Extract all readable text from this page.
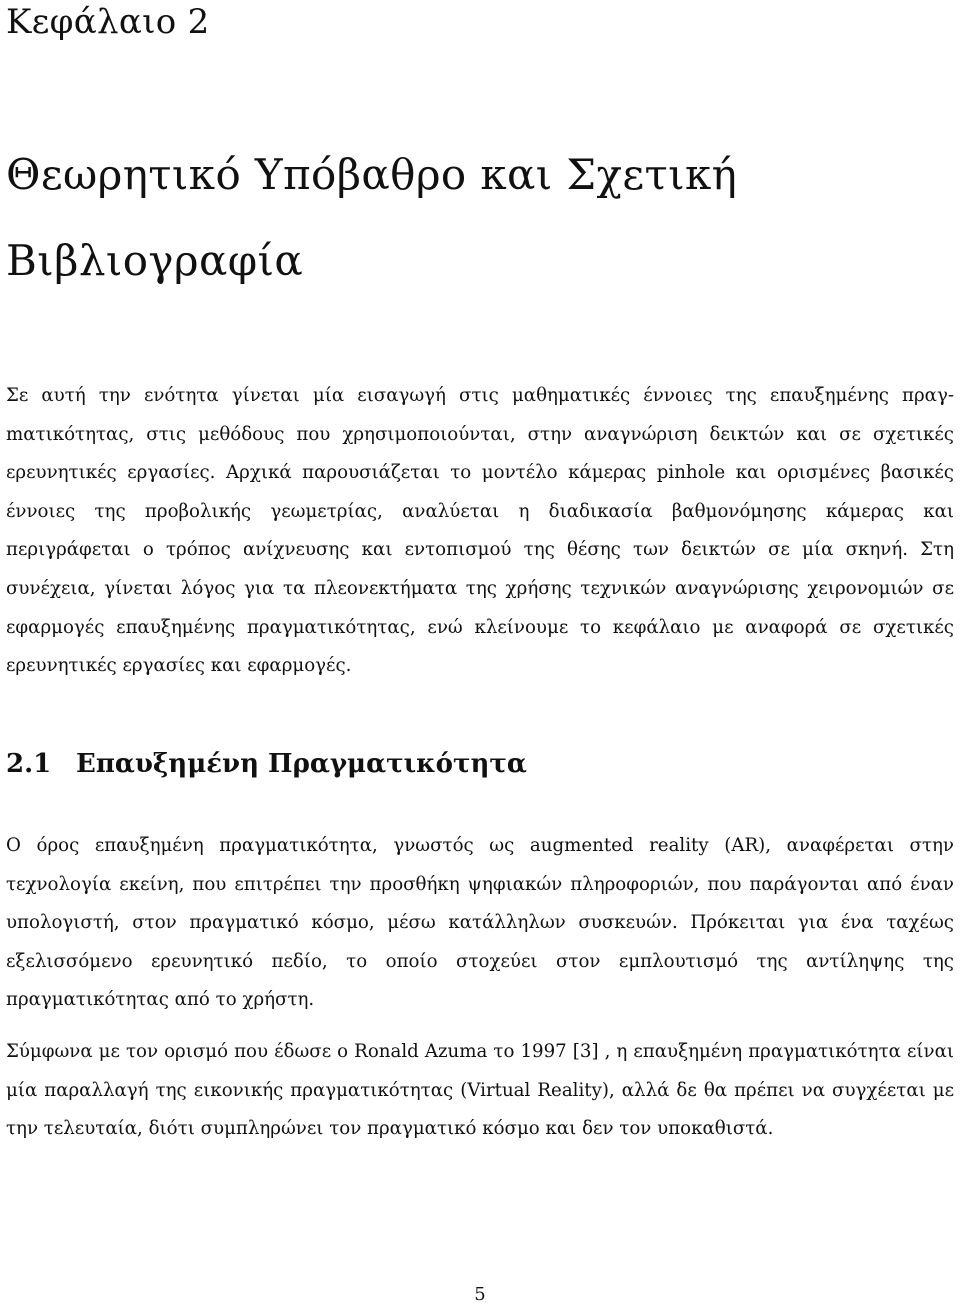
Κεφάλαιο 2
Θεωρητικό Υπόβαθρο και Σχετική Βιβλιογραφία

Σε αυτή την ενότητα γίνεται μία εισαγωγή στις μαθηματικές έννοιες της επαυξημένης πραγmατικότητας, στις μεθόδους που χρησιμοποιούνται, στην αναγνώριση δεικτών και σε σχετικές ερευνητικές εργασίες. Αρχικά παρουσιάζεται το μοντέλο κάμερας pinhole και ορισμένες βασικές έννοιες της προβολικής γεωμετρίας, αναλύεται η διαδικασία βαθμονόμησης κάμερας και περιγράφεται ο τρόπος ανίχνευσης και εντοπισμού της θέσης των δεικτών σε μία σκηνή. Στη συνέχεια, γίνεται λόγος για τα πλεονεκτήματα της χρήσης τεχνικών αναγνώρισης χειρονομιών σε εφαρμογές επαυξημένης πραγματικότητας, ενώ κλείνουμε το κεφάλαιο με αναφορά σε σχετικές ερευνητικές εργασίες και εφαρμογές.

2.1 Επαυξημένη Πραγματικότητα

Ο όρος επαυξημένη πραγματικότητα, γνωστός ως augmented reality (AR), αναφέρεται στην τεχνολογία εκείνη, που επιτρέπει την προσθήκη ψηφιακών πληροφοριών, που παράγονται από έναν υπολογιστή, στον πραγματικό κόσμο, μέσω κατάλληλων συσκευών. Πρόκειται για ένα ταχέως εξελισσόμενο ερευνητικό πεδίο, το οποίο στοχεύει στον εμπλουτισμό της αντίληψης της πραγματικότητας από το χρήστη.

Σύμφωνα με τον ορισμό που έδωσε ο Ronald Azuma το 1997 [3] , η επαυξημένη πραγματικότητα είναι μία παραλλαγή της εικονικής πραγματικότητας (Virtual Reality), αλλά δε θα πρέπει να συγχέεται με την τελευταία, διότι συμπληρώνει τον πραγματικό κόσμο και δεν τον υποκαθιστά.

5
